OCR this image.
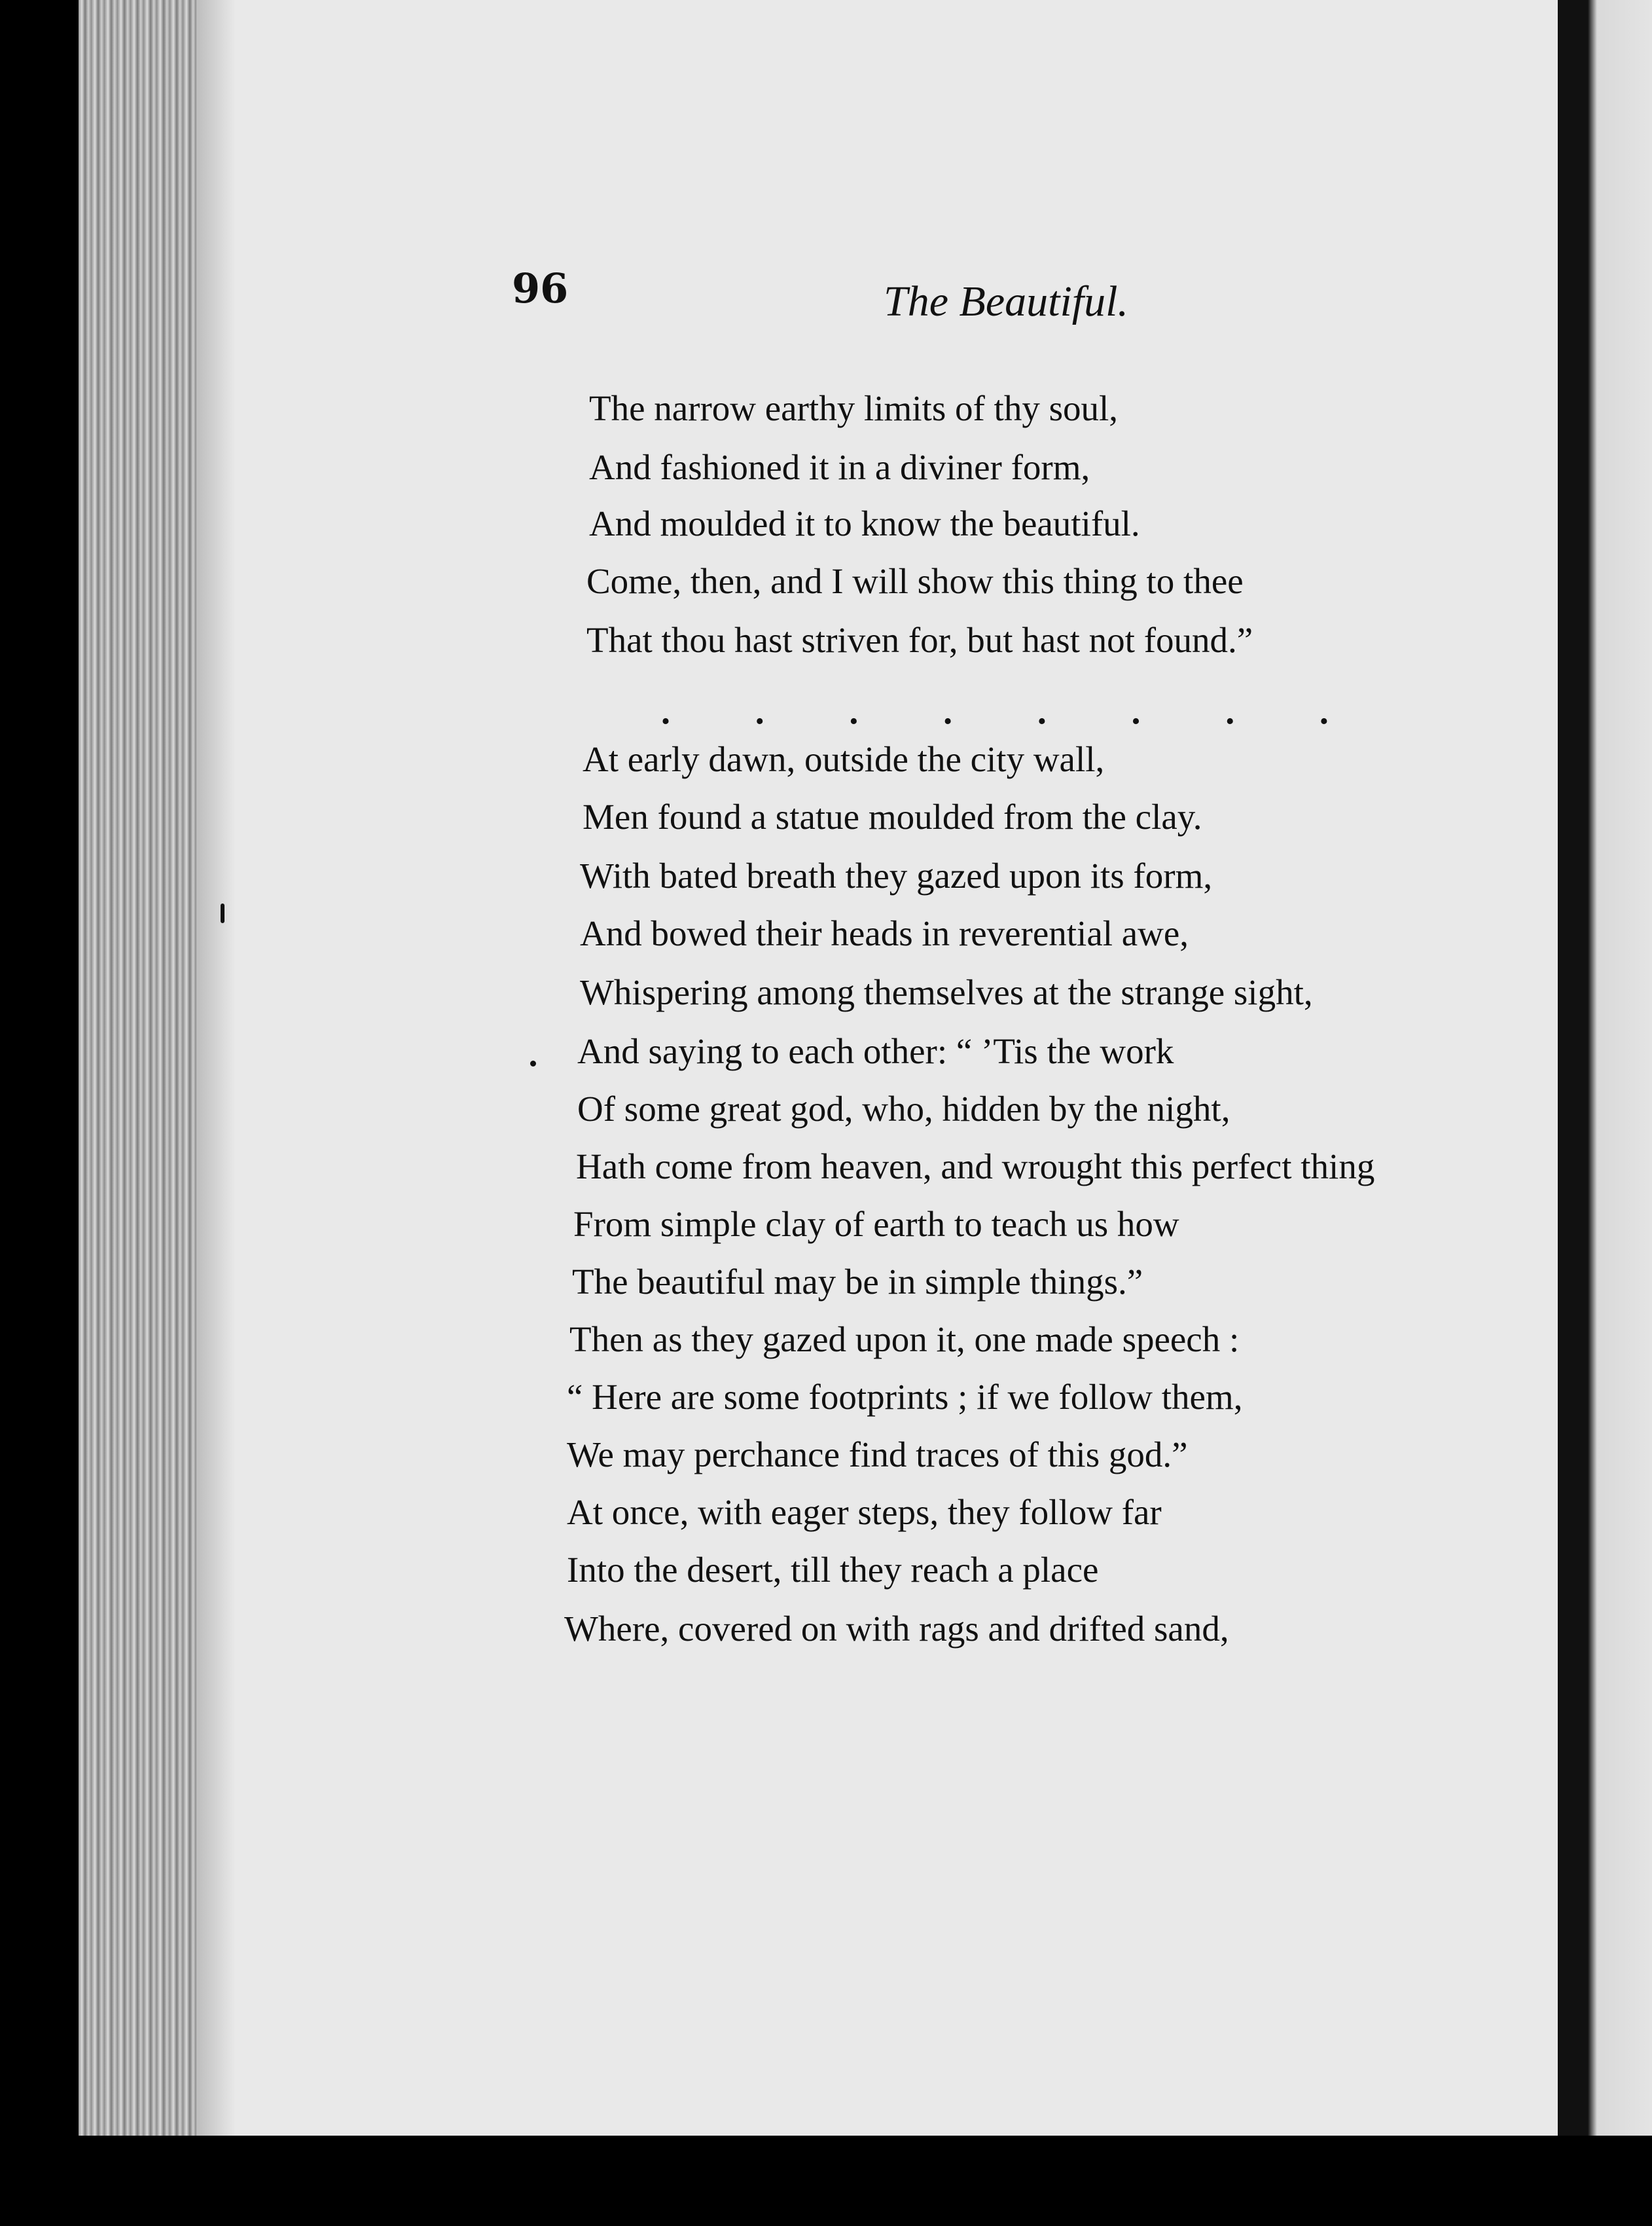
96	The Beautiful.

The narrow earthy limits of thy soul,

And fashioned it in a diviner form,

And moulded it to know the beautiful.

Come, then, and I will show this thing to thee

That thou hast striven for, but hast not found.”

. . . . . . . .

At early dawn, outside the city wall,

Men found a statue moulded from the clay.

With bated breath they gazed upon its form,

And bowed their heads in reverential awe,

Whispering among themselves at the strange sight,

And saying to each other: “ ’Tis the work

Of some great god, who, hidden by the night,

Hath come from heaven, and wrought this perfect thing

From simple clay of earth to teach us how

The beautiful may be in simple things.”

Then as they gazed upon it, one made speech :

“ Here are some footprints ; if we follow them,

We may perchance find traces of this god.”

At once, with eager steps, they follow far

Into the desert, till they reach a place

Where, covered on with rags and drifted sand,
